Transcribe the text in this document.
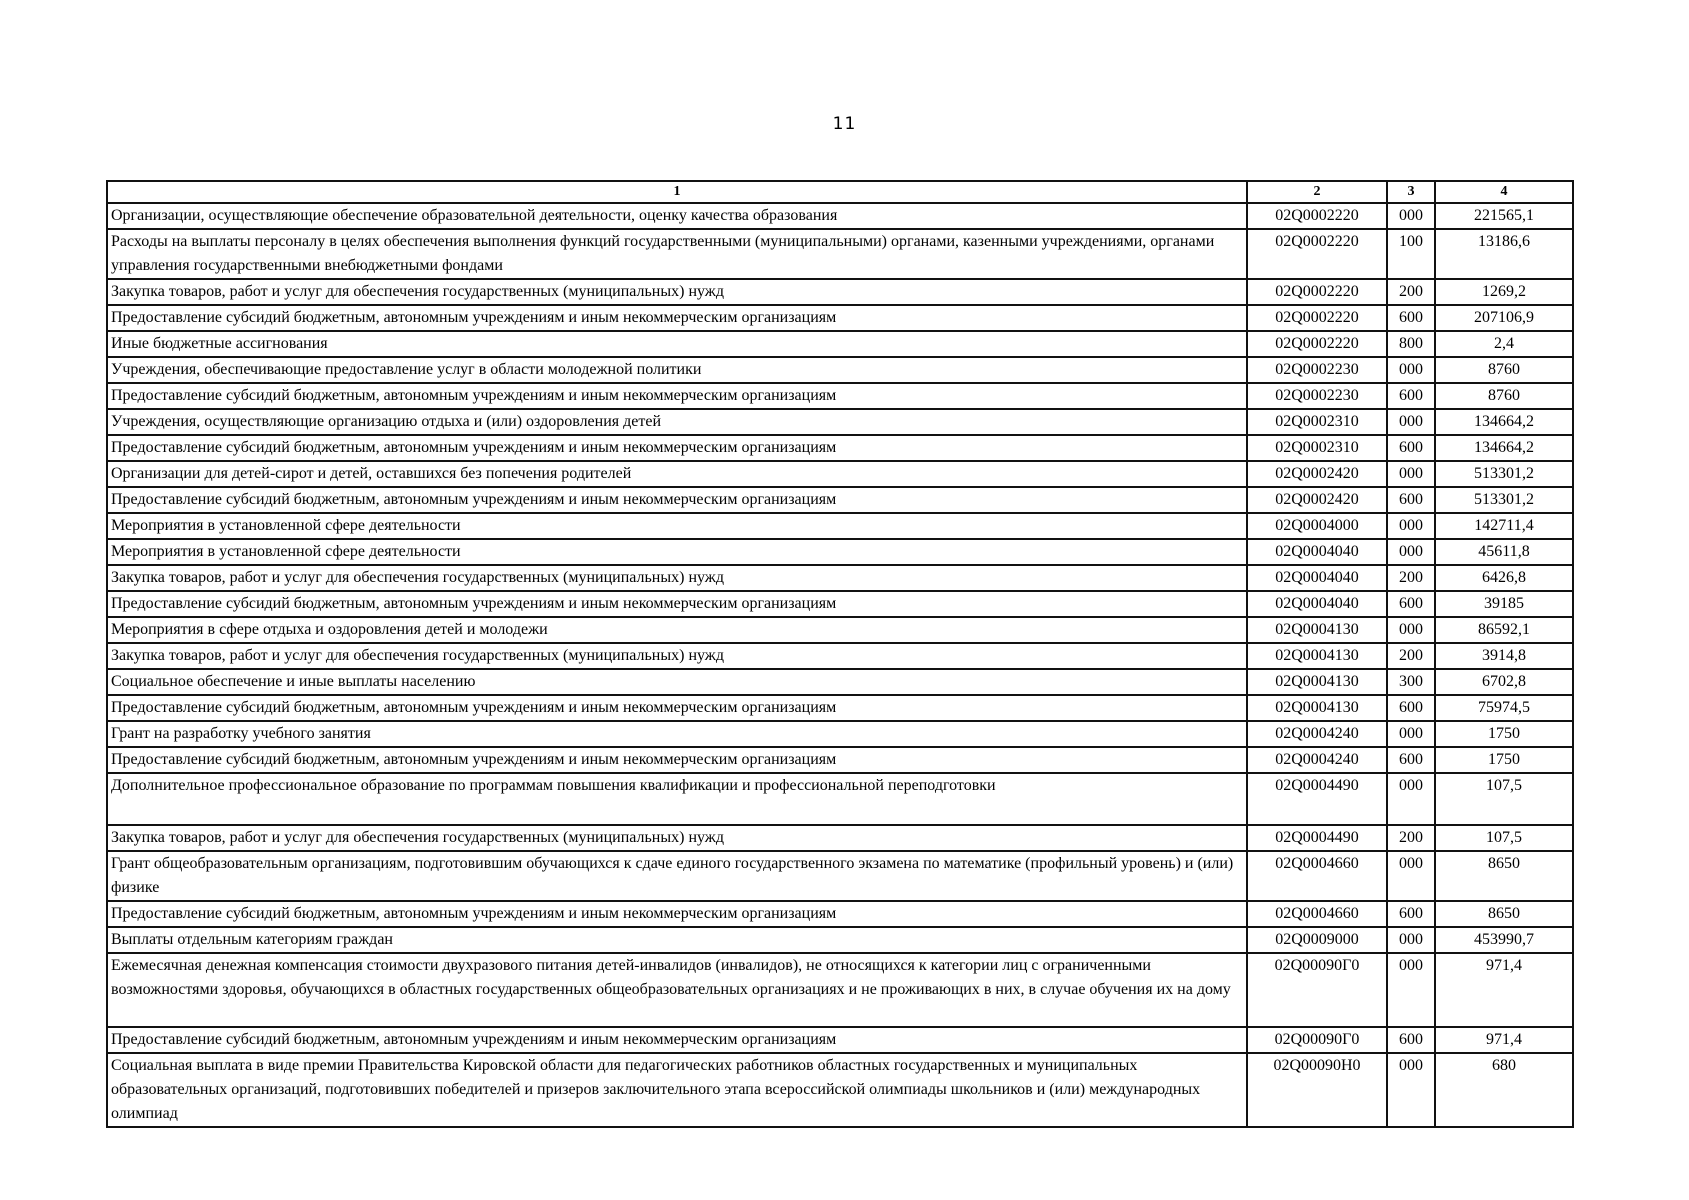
11
1	2	3	4
Организации, осуществляющие обеспечение образовательной деятельности, оценку качества образования	02Q0002220	000	221565,1
Расходы на выплаты персоналу в целях обеспечения выполнения функций государственными (муниципальными) органами, казенными учреждениями, органами управления государственными внебюджетными фондами	02Q0002220	100	13186,6
Закупка товаров, работ и услуг для обеспечения государственных (муниципальных) нужд	02Q0002220	200	1269,2
Предоставление субсидий бюджетным, автономным учреждениям и иным некоммерческим организациям	02Q0002220	600	207106,9
Иные бюджетные ассигнования	02Q0002220	800	2,4
Учреждения, обеспечивающие предоставление услуг в области молодежной политики	02Q0002230	000	8760
Предоставление субсидий бюджетным, автономным учреждениям и иным некоммерческим организациям	02Q0002230	600	8760
Учреждения, осуществляющие организацию отдыха и (или) оздоровления детей	02Q0002310	000	134664,2
Предоставление субсидий бюджетным, автономным учреждениям и иным некоммерческим организациям	02Q0002310	600	134664,2
Организации для детей-сирот и детей, оставшихся без попечения родителей	02Q0002420	000	513301,2
Предоставление субсидий бюджетным, автономным учреждениям и иным некоммерческим организациям	02Q0002420	600	513301,2
Мероприятия в установленной сфере деятельности	02Q0004000	000	142711,4
Мероприятия в установленной сфере деятельности	02Q0004040	000	45611,8
Закупка товаров, работ и услуг для обеспечения государственных (муниципальных) нужд	02Q0004040	200	6426,8
Предоставление субсидий бюджетным, автономным учреждениям и иным некоммерческим организациям	02Q0004040	600	39185
Мероприятия в сфере отдыха и оздоровления детей и молодежи	02Q0004130	000	86592,1
Закупка товаров, работ и услуг для обеспечения государственных (муниципальных) нужд	02Q0004130	200	3914,8
Социальное обеспечение и иные выплаты населению	02Q0004130	300	6702,8
Предоставление субсидий бюджетным, автономным учреждениям и иным некоммерческим организациям	02Q0004130	600	75974,5
Грант на разработку учебного занятия	02Q0004240	000	1750
Предоставление субсидий бюджетным, автономным учреждениям и иным некоммерческим организациям	02Q0004240	600	1750
Дополнительное профессиональное образование по программам повышения квалификации и профессиональной переподготовки	02Q0004490	000	107,5
Закупка товаров, работ и услуг для обеспечения государственных (муниципальных) нужд	02Q0004490	200	107,5
Грант общеобразовательным организациям, подготовившим обучающихся к сдаче единого государственного экзамена по математике (профильный уровень) и (или) физике	02Q0004660	000	8650
Предоставление субсидий бюджетным, автономным учреждениям и иным некоммерческим организациям	02Q0004660	600	8650
Выплаты отдельным категориям граждан	02Q0009000	000	453990,7
Ежемесячная денежная компенсация стоимости двухразового питания детей-инвалидов (инвалидов), не относящихся к категории лиц с ограниченными возможностями здоровья, обучающихся в областных государственных общеобразовательных организациях и не проживающих в них, в случае обучения их на дому	02Q00090Г0	000	971,4
Предоставление субсидий бюджетным, автономным учреждениям и иным некоммерческим организациям	02Q00090Г0	600	971,4
Социальная выплата в виде премии Правительства Кировской области для педагогических работников областных государственных и муниципальных образовательных организаций, подготовивших победителей и призеров заключительного этапа всероссийской олимпиады школьников и (или) международных олимпиад	02Q00090Н0	000	680
